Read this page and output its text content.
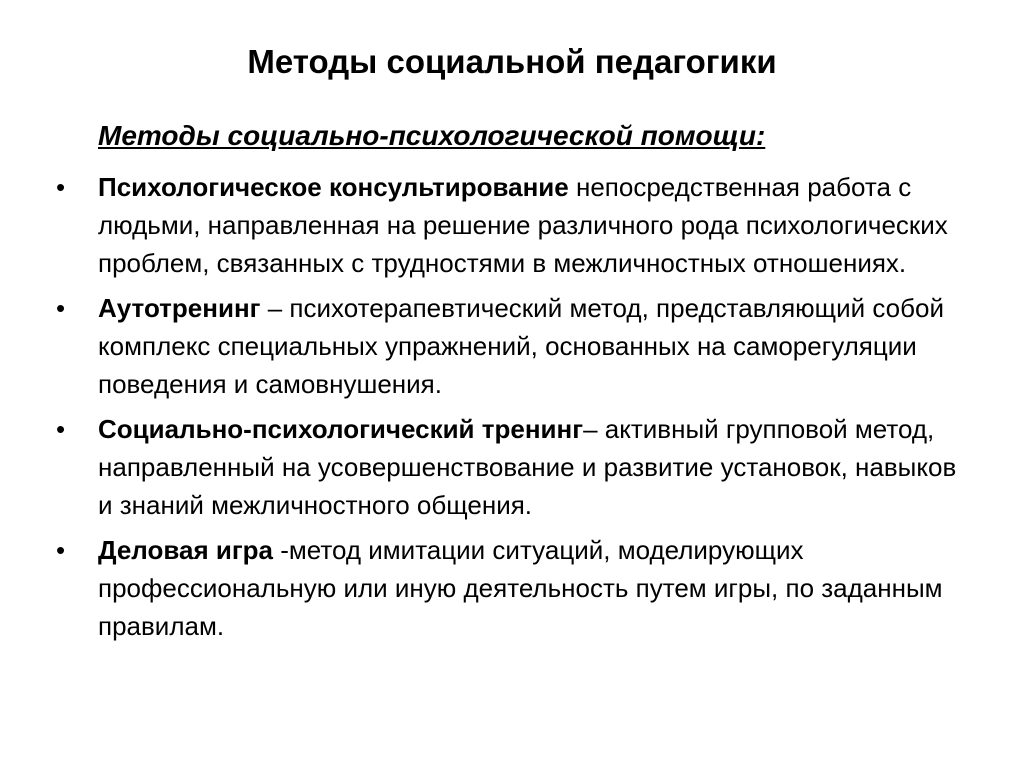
Методы социальной педагогики
Методы социально-психологической помощи:
• Психологическое консультирование непосредственная работа с людьми, направленная на решение различного рода психологических проблем, связанных с трудностями в межличностных отношениях.
• Аутотренинг – психотерапевтический метод, представляющий собой комплекс специальных упражнений, основанных на саморегуляции поведения и самовнушения.
• Социально-психологический тренинг– активный групповой метод, направленный на усовершенствование и развитие установок, навыков и знаний межличностного общения.
• Деловая игра -метод имитации ситуаций, моделирующих профессиональную или иную деятельность путем игры, по заданным правилам.
